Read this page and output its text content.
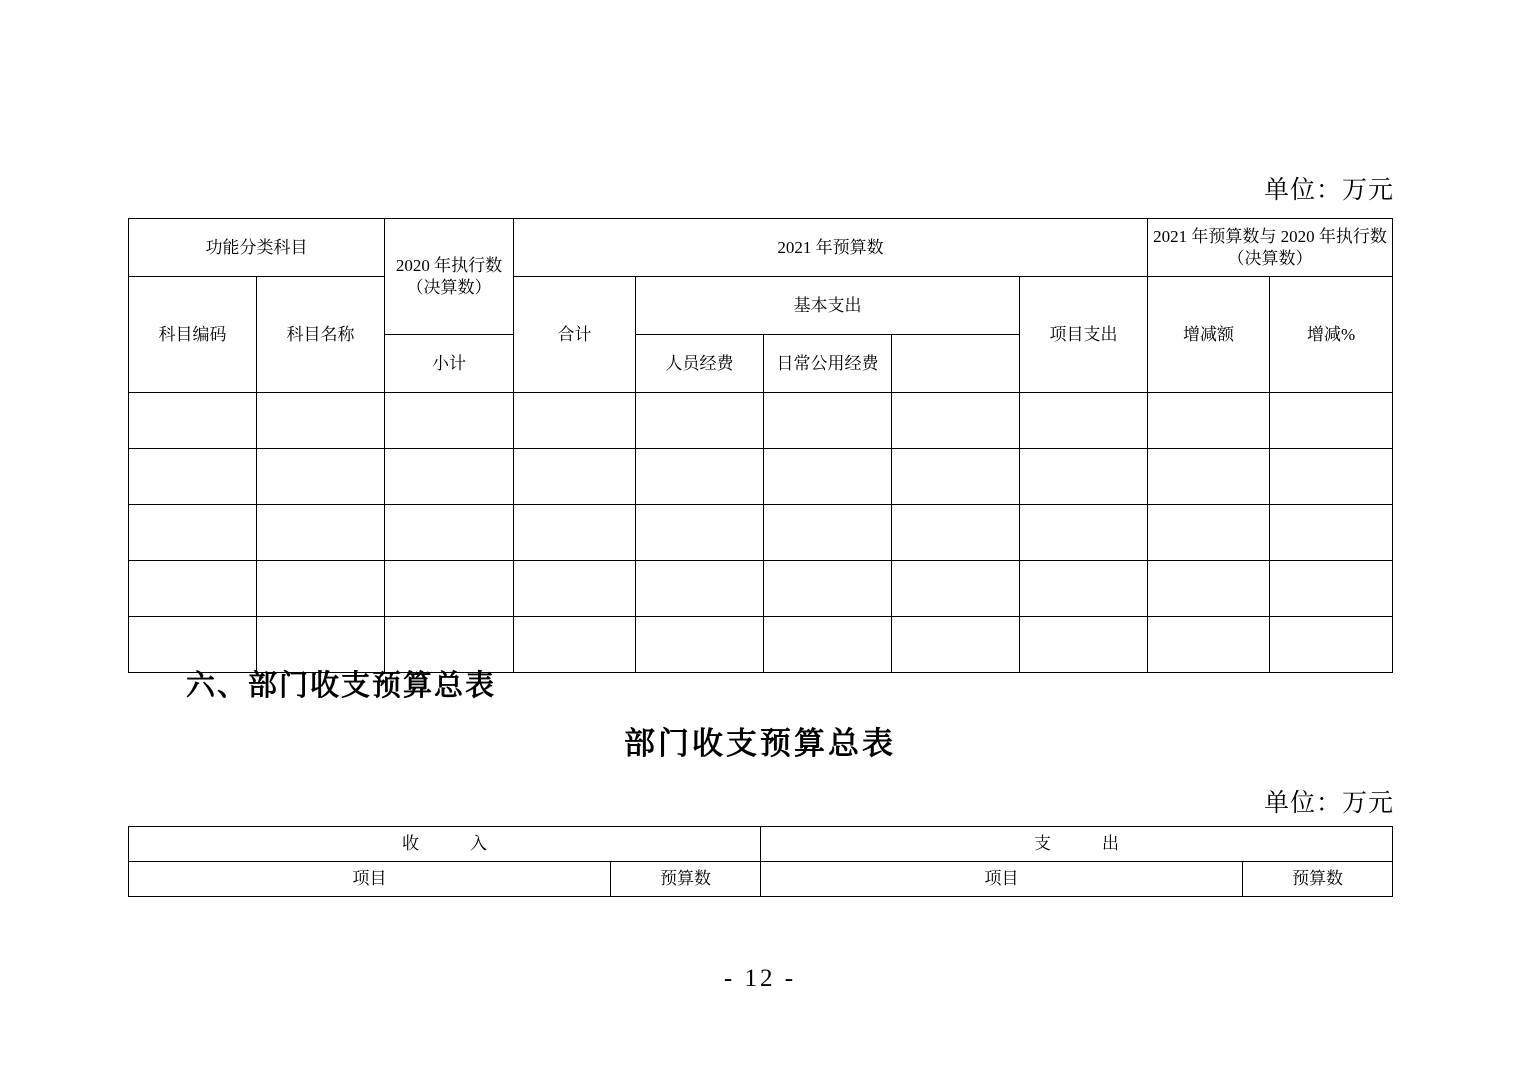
单位：万元
功能分类科目		2020 年执行数（决算数）	2021 年预算数					2021 年预算数与 2020 年执行数（决算数）	
科目编码	科目名称		合计	基本支出			项目支出	增减额	增减%
		小计		人员经费	日常公用经费				

六、部门收支预算总表
部门收支预算总表
单位：万元
收　　　入		支　　　出	
项目	预算数	项目	预算数
- 12 -
